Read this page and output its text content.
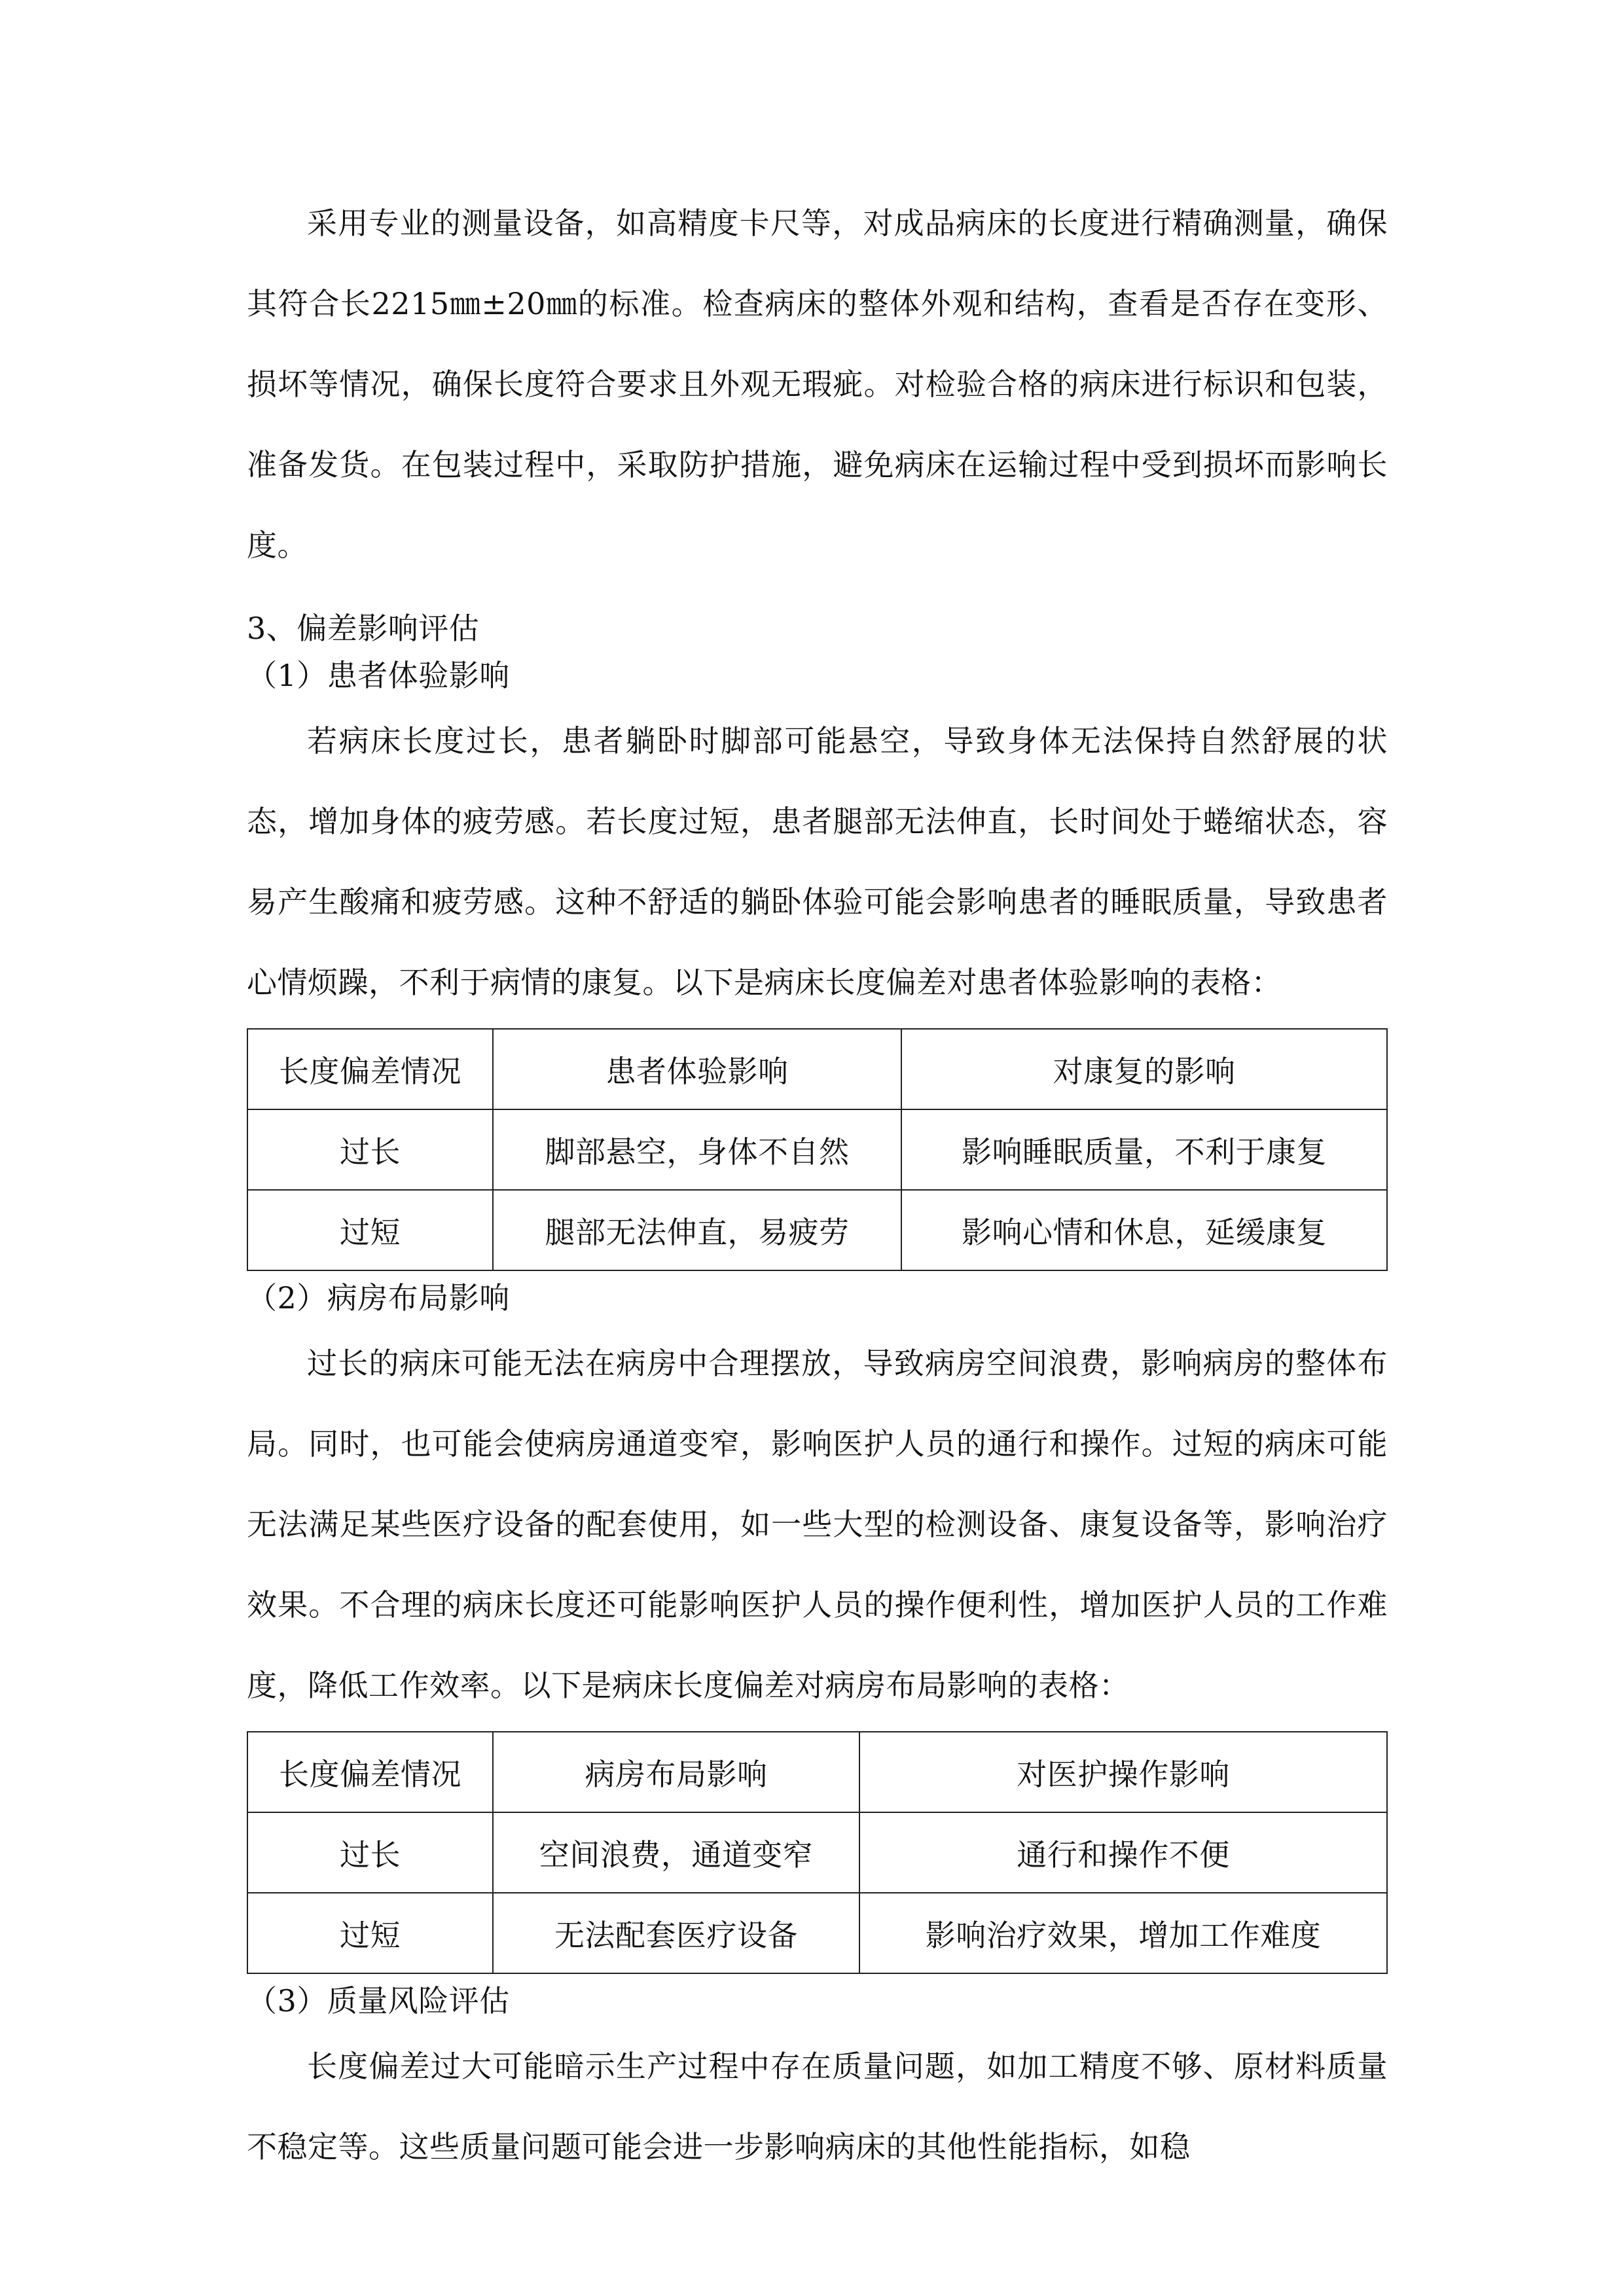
采用专业的测量设备，如高精度卡尺等，对成品病床的长度进行精确测量，确保其符合长2215㎜±20㎜的标准。检查病床的整体外观和结构，查看是否存在变形、损坏等情况，确保长度符合要求且外观无瑕疵。对检验合格的病床进行标识和包装，准备发货。在包装过程中，采取防护措施，避免病床在运输过程中受到损坏而影响长度。

3、偏差影响评估

（1）患者体验影响

若病床长度过长，患者躺卧时脚部可能悬空，导致身体无法保持自然舒展的状态，增加身体的疲劳感。若长度过短，患者腿部无法伸直，长时间处于蜷缩状态，容易产生酸痛和疲劳感。这种不舒适的躺卧体验可能会影响患者的睡眠质量，导致患者心情烦躁，不利于病情的康复。以下是病床长度偏差对患者体验影响的表格：

长度偏差情况	患者体验影响	对康复的影响
过长	脚部悬空，身体不自然	影响睡眠质量，不利于康复
过短	腿部无法伸直，易疲劳	影响心情和休息，延缓康复

（2）病房布局影响

过长的病床可能无法在病房中合理摆放，导致病房空间浪费，影响病房的整体布局。同时，也可能会使病房通道变窄，影响医护人员的通行和操作。过短的病床可能无法满足某些医疗设备的配套使用，如一些大型的检测设备、康复设备等，影响治疗效果。不合理的病床长度还可能影响医护人员的操作便利性，增加医护人员的工作难度，降低工作效率。以下是病床长度偏差对病房布局影响的表格：

长度偏差情况	病房布局影响	对医护操作影响
过长	空间浪费，通道变窄	通行和操作不便
过短	无法配套医疗设备	影响治疗效果，增加工作难度

（3）质量风险评估

长度偏差过大可能暗示生产过程中存在质量问题，如加工精度不够、原材料质量不稳定等。这些质量问题可能会进一步影响病床的其他性能指标，如稳
